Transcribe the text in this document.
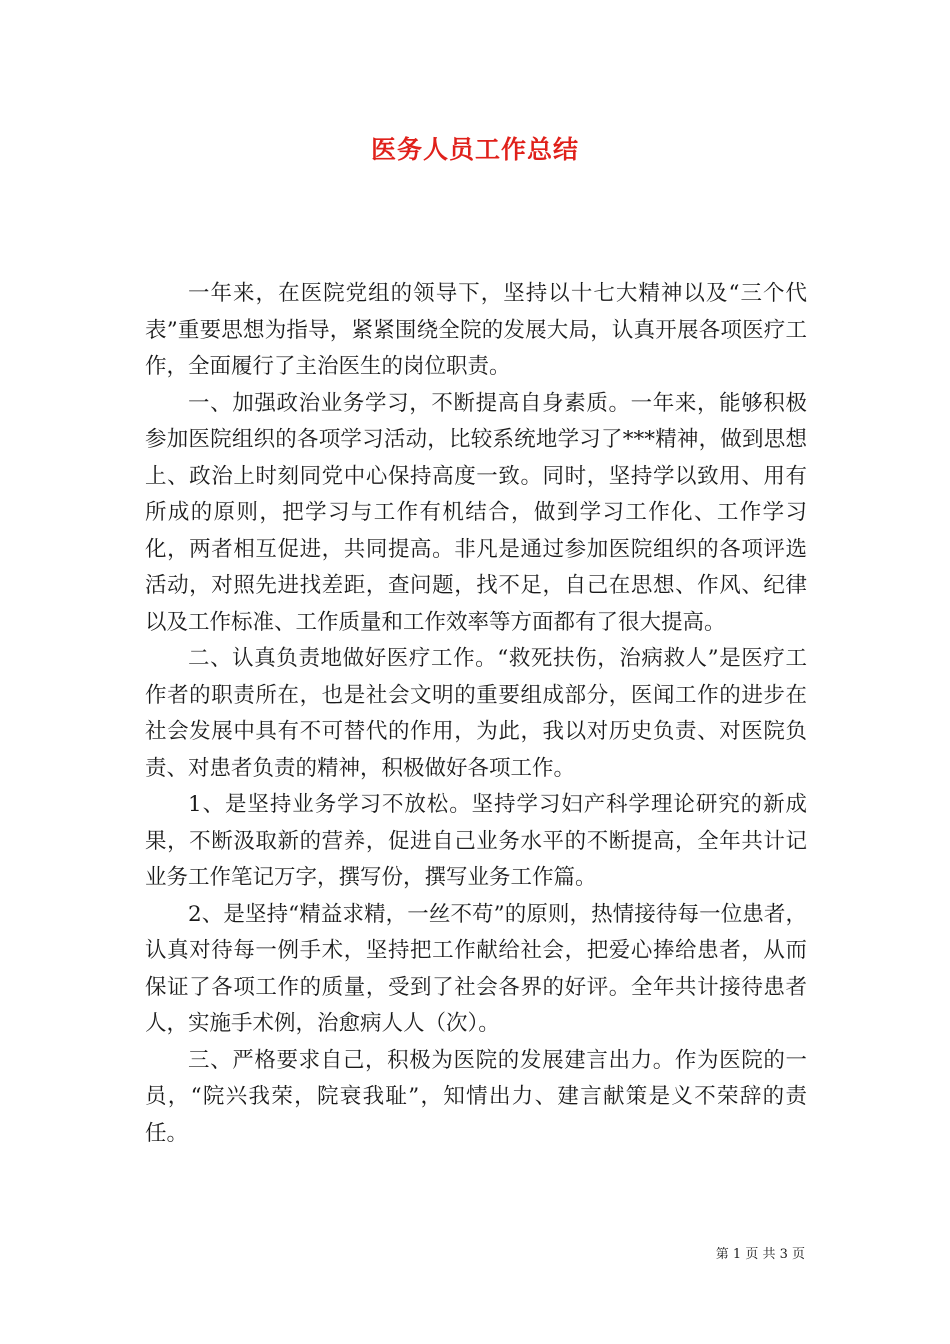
医务人员工作总结

一年来，在医院党组的领导下，坚持以十七大精神以及“三个代表”重要思想为指导，紧紧围绕全院的发展大局，认真开展各项医疗工作，全面履行了主治医生的岗位职责。

一、加强政治业务学习，不断提高自身素质。一年来，能够积极参加医院组织的各项学习活动，比较系统地学习了***精神，做到思想上、政治上时刻同党中心保持高度一致。同时，坚持学以致用、用有所成的原则，把学习与工作有机结合，做到学习工作化、工作学习化，两者相互促进，共同提高。非凡是通过参加医院组织的各项评选活动，对照先进找差距，查问题，找不足，自己在思想、作风、纪律以及工作标准、工作质量和工作效率等方面都有了很大提高。

二、认真负责地做好医疗工作。“救死扶伤，治病救人”是医疗工作者的职责所在，也是社会文明的重要组成部分，医闻工作的进步在社会发展中具有不可替代的作用，为此，我以对历史负责、对医院负责、对患者负责的精神，积极做好各项工作。

1、是坚持业务学习不放松。坚持学习妇产科学理论研究的新成果，不断汲取新的营养，促进自己业务水平的不断提高，全年共计记业务工作笔记万字，撰写份，撰写业务工作篇。

2、是坚持“精益求精，一丝不苟”的原则，热情接待每一位患者，认真对待每一例手术，坚持把工作献给社会，把爱心捧给患者，从而保证了各项工作的质量，受到了社会各界的好评。全年共计接待患者人，实施手术例，治愈病人人（次）。

三、严格要求自己，积极为医院的发展建言出力。作为医院的一员，“院兴我荣，院衰我耻”，知情出力、建言献策是义不荣辞的责任。

第 1 页 共 3 页
